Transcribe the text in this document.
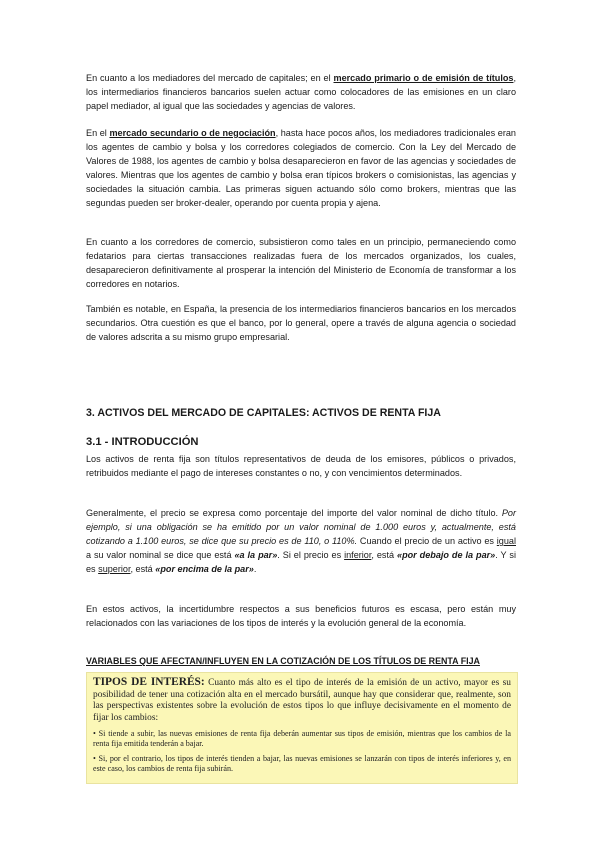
En cuanto a los mediadores del mercado de capitales; en el mercado primario o de emisión de títulos, los intermediarios financieros bancarios suelen actuar como colocadores de las emisiones en un claro papel mediador, al igual que las sociedades y agencias de valores.
En el mercado secundario o de negociación, hasta hace pocos años, los mediadores tradicionales eran los agentes de cambio y bolsa y los corredores colegiados de comercio. Con la Ley del Mercado de Valores de 1988, los agentes de cambio y bolsa desaparecieron en favor de las agencias y sociedades de valores. Mientras que los agentes de cambio y bolsa eran típicos brokers o comisionistas, las agencias y sociedades la situación cambia. Las primeras siguen actuando sólo como brokers, mientras que las segundas pueden ser broker-dealer, operando por cuenta propia y ajena.
En cuanto a los corredores de comercio, subsistieron como tales en un principio, permaneciendo como fedatarios para ciertas transacciones realizadas fuera de los mercados organizados, los cuales, desaparecieron definitivamente al prosperar la intención del Ministerio de Economía de transformar a los corredores en notarios.
También es notable, en España, la presencia de los intermediarios financieros bancarios en los mercados secundarios. Otra cuestión es que el banco, por lo general, opere a través de alguna agencia o sociedad de valores adscrita a su mismo grupo empresarial.
3. ACTIVOS DEL MERCADO DE CAPITALES: ACTIVOS DE RENTA FIJA
3.1 - INTRODUCCIÓN
Los activos de renta fija son títulos representativos de deuda de los emisores, públicos o privados, retribuidos mediante el pago de intereses constantes o no, y con vencimientos determinados.
Generalmente, el precio se expresa como porcentaje del importe del valor nominal de dicho título. Por ejemplo, si una obligación se ha emitido por un valor nominal de 1.000 euros y, actualmente, está cotizando a 1.100 euros, se dice que su precio es de 110, o 110%. Cuando el precio de un activo es igual a su valor nominal se dice que está «a la par». Si el precio es inferior, está «por debajo de la par». Y si es superior, está «por encima de la par».
En estos activos, la incertidumbre respectos a sus beneficios futuros es escasa, pero están muy relacionados con las variaciones de los tipos de interés y la evolución general de la economía.
VARIABLES QUE AFECTAN/INFLUYEN EN LA COTIZACIÓN DE LOS TÍTULOS DE RENTA FIJA
TIPOS DE INTERÉS: Cuanto más alto es el tipo de interés de la emisión de un activo, mayor es su posibilidad de tener una cotización alta en el mercado bursátil, aunque hay que considerar que, realmente, son las perspectivas existentes sobre la evolución de estos tipos lo que influye decisivamente en el momento de fijar los cambios:
• Si tiende a subir, las nuevas emisiones de renta fija deberán aumentar sus tipos de emisión, mientras que los cambios de la renta fija emitida tenderán a bajar.
• Si, por el contrario, los tipos de interés tienden a bajar, las nuevas emisiones se lanzarán con tipos de interés inferiores y, en este caso, los cambios de renta fija subirán.
